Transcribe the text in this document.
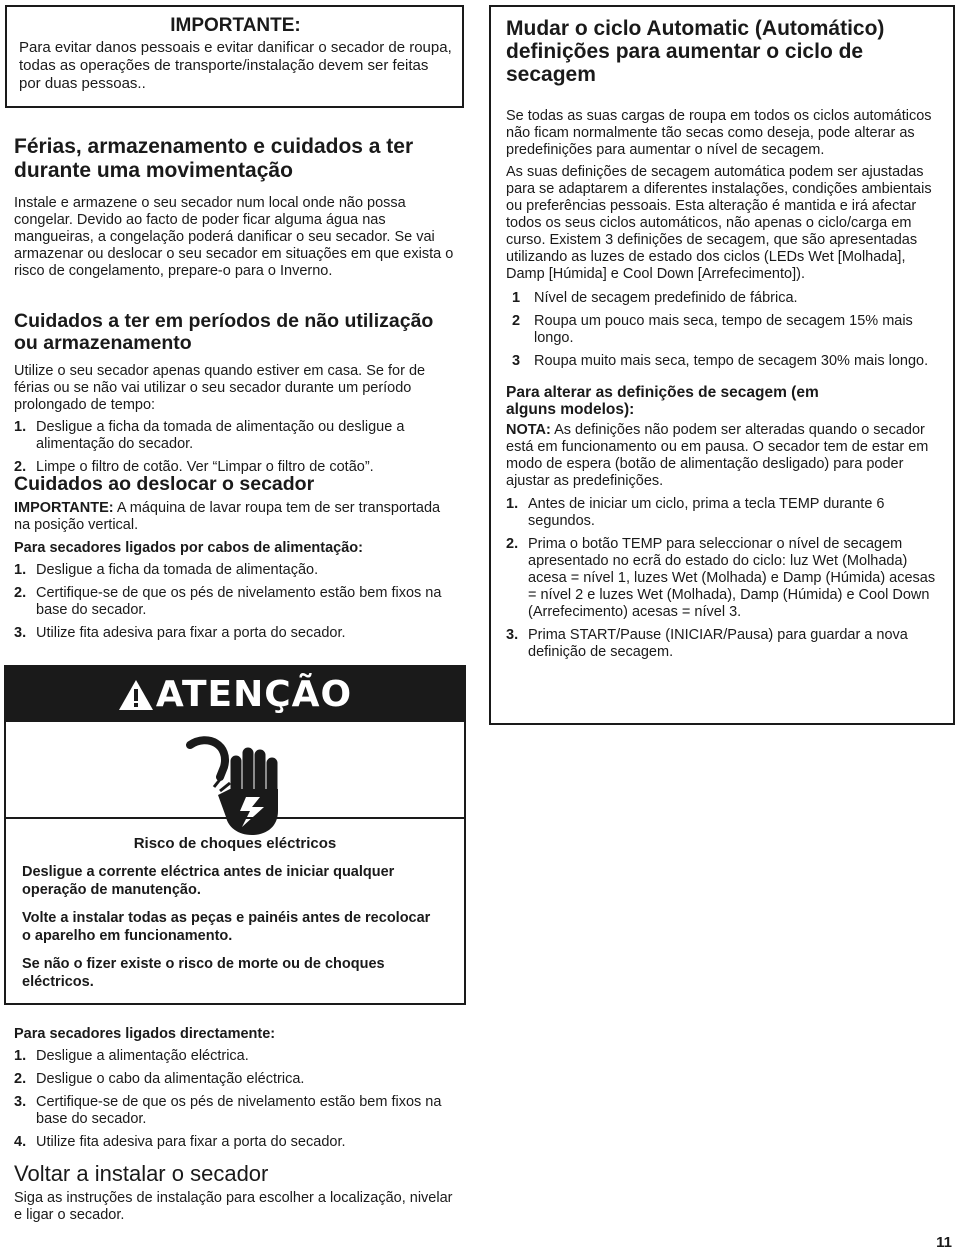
IMPORTANTE:

Para evitar danos pessoais e evitar danificar o secador de roupa, todas as operações de transporte/instalação devem ser feitas por duas pessoas..

Férias, armazenamento e cuidados a ter durante uma movimentação

Instale e armazene o seu secador num local onde não possa congelar. Devido ao facto de poder ficar alguma água nas mangueiras, a congelação poderá danificar o seu secador. Se vai armazenar ou deslocar o seu secador em situações em que exista o risco de congelamento, prepare-o para o Inverno.

Cuidados a ter em períodos de não utilização ou armazenamento

Utilize o seu secador apenas quando estiver em casa. Se for de férias ou se não vai utilizar o seu secador durante um período prolongado de tempo:

1. Desligue a ficha da tomada de alimentação ou desligue a alimentação do secador.
2. Limpe o filtro de cotão. Ver “Limpar o filtro de cotão”.
Cuidados ao deslocar o secador

IMPORTANTE: A máquina de lavar roupa tem de ser transportada na posição vertical.

Para secadores ligados por cabos de alimentação:
1. Desligue a ficha da tomada de alimentação.
2. Certifique-se de que os pés de nivelamento estão bem fixos na base do secador.
3. Utilize fita adesiva para fixar a porta do secador.
ATENÇÃO
Risco de choques eléctricos

Desligue a corrente eléctrica antes de iniciar qualquer operação de manutenção.

Volte a instalar todas as peças e painéis antes de recolocar o aparelho em funcionamento.

Se não o fizer existe o risco de morte ou de choques eléctricos.

Para secadores ligados directamente:
1. Desligue a alimentação eléctrica.
2. Desligue o cabo da alimentação eléctrica.
3. Certifique-se de que os pés de nivelamento estão bem fixos na base do secador.
4. Utilize fita adesiva para fixar a porta do secador.
Voltar a instalar o secador

Siga as instruções de instalação para escolher a localização, nivelar e ligar o secador.

Mudar o ciclo Automatic (Automático) definições para aumentar o ciclo de secagem

Se todas as suas cargas de roupa em todos os ciclos automáticos não ficam normalmente tão secas como deseja, pode alterar as predefinições para aumentar o nível de secagem.

As suas definições de secagem automática podem ser ajustadas para se adaptarem a diferentes instalações, condições ambientais ou preferências pessoais. Esta alteração é mantida e irá afectar todos os seus ciclos automáticos, não apenas o ciclo/carga em curso. Existem 3 definições de secagem, que são apresentadas utilizando as luzes de estado dos ciclos (LEDs Wet [Molhada], Damp [Húmida] e Cool Down [Arrefecimento]).

1 Nível de secagem predefinido de fábrica.
2 Roupa um pouco mais seca, tempo de secagem 15% mais longo.
3 Roupa muito mais seca, tempo de secagem 30% mais longo.
Para alterar as definições de secagem (em alguns modelos):

NOTA: As definições não podem ser alteradas quando o secador está em funcionamento ou em pausa. O secador tem de estar em modo de espera (botão de alimentação desligado) para poder ajustar as predefinições.

1. Antes de iniciar um ciclo, prima a tecla TEMP durante 6 segundos.
2. Prima o botão TEMP para seleccionar o nível de secagem apresentado no ecrã do estado do ciclo: luz Wet (Molhada) acesa = nível 1, luzes Wet (Molhada) e Damp (Húmida) acesas = nível 2 e luzes Wet (Molhada), Damp (Húmida) e Cool Down (Arrefecimento) acesas = nível 3.
3. Prima START/Pause (INICIAR/Pausa) para guardar a nova definição de secagem.
11
